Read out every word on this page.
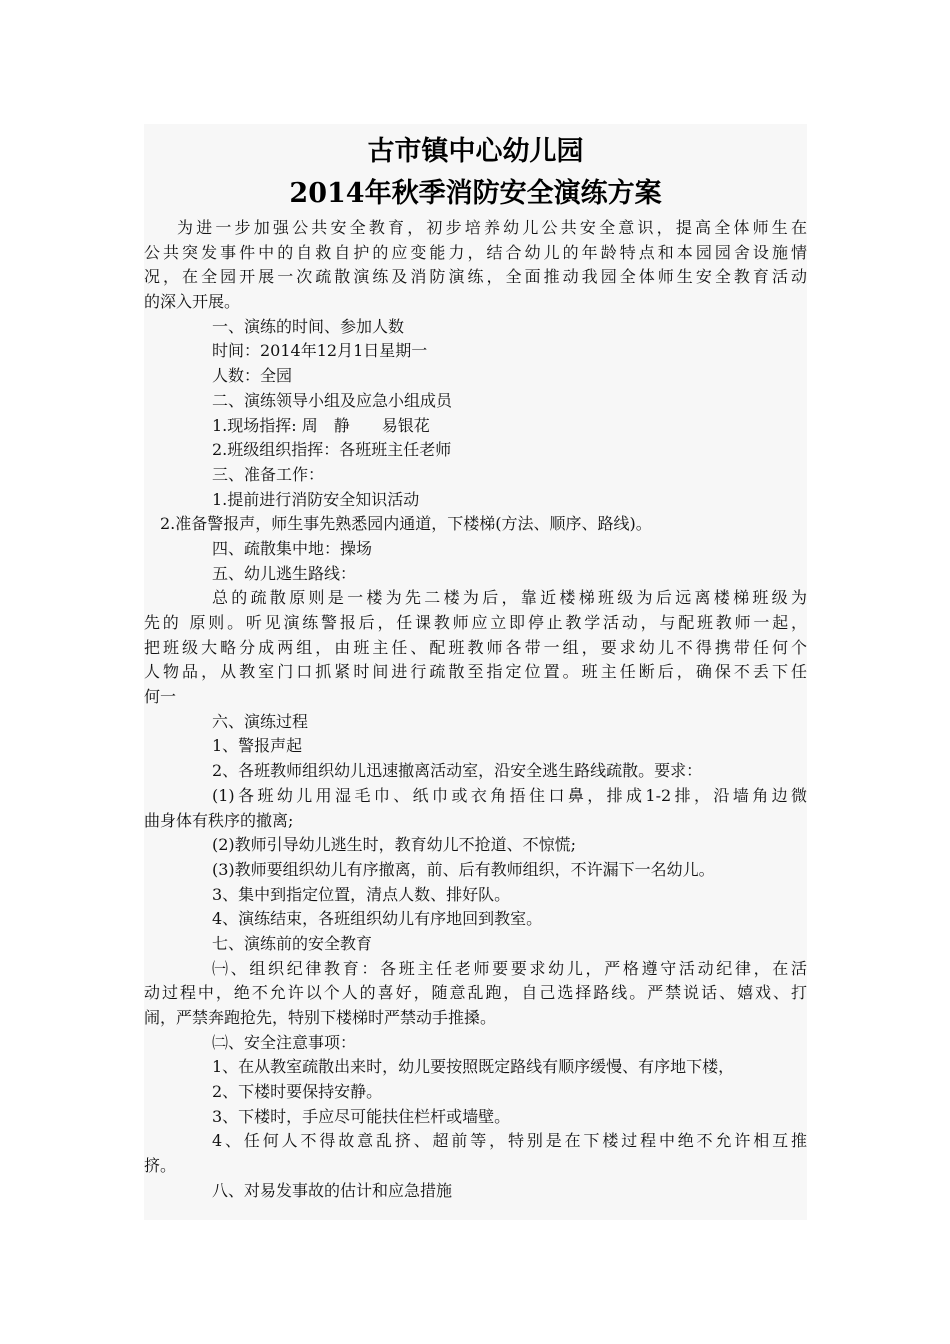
古市镇中心幼儿园
2014年秋季消防安全演练方案
为进一步加强公共安全教育，初步培养幼儿公共安全意识，提高全体师生在
公共突发事件中的自救自护的应变能力，结合幼儿的年龄特点和本园园舍设施情
况，在全园开展一次疏散演练及消防演练，全面推动我园全体师生安全教育活动
的深入开展。
一、演练的时间、参加人数
时间：2014年12月1日星期一
人数：全园
二、演练领导小组及应急小组成员
1.现场指挥: 周　静　　易银花
2.班级组织指挥：各班班主任老师
三、准备工作：
1.提前进行消防安全知识活动
2.准备警报声，师生事先熟悉园内通道，下楼梯(方法、顺序、路线)。
四、疏散集中地：操场
五、幼儿逃生路线：
总的疏散原则是一楼为先二楼为后，靠近楼梯班级为后远离楼梯班级为
先的 原则。听见演练警报后，任课教师应立即停止教学活动，与配班教师一起，
把班级大略分成两组，由班主任、配班教师各带一组，要求幼儿不得携带任何个
人物品，从教室门口抓紧时间进行疏散至指定位置。班主任断后，确保不丢下任
何一
六、演练过程
1、警报声起
2、各班教师组织幼儿迅速撤离活动室，沿安全逃生路线疏散。要求：
(1)各班幼儿用湿毛巾、纸巾或衣角捂住口鼻，排成1-2排，沿墙角边微
曲身体有秩序的撤离;
(2)教师引导幼儿逃生时，教育幼儿不抢道、不惊慌;
(3)教师要组织幼儿有序撤离，前、后有教师组织，不许漏下一名幼儿。
3、集中到指定位置，清点人数、排好队。
4、演练结束，各班组织幼儿有序地回到教室。
七、演练前的安全教育
㈠、组织纪律教育：各班主任老师要要求幼儿，严格遵守活动纪律，在活
动过程中，绝不允许以个人的喜好，随意乱跑，自己选择路线。严禁说话、嬉戏、打
闹，严禁奔跑抢先，特别下楼梯时严禁动手推搡。
㈡、安全注意事项：
1、在从教室疏散出来时，幼儿要按照既定路线有顺序缓慢、有序地下楼，
2、下楼时要保持安静。
3、下楼时，手应尽可能扶住栏杆或墙壁。
4、任何人不得故意乱挤、超前等，特别是在下楼过程中绝不允许相互推
挤。
八、对易发事故的估计和应急措施
